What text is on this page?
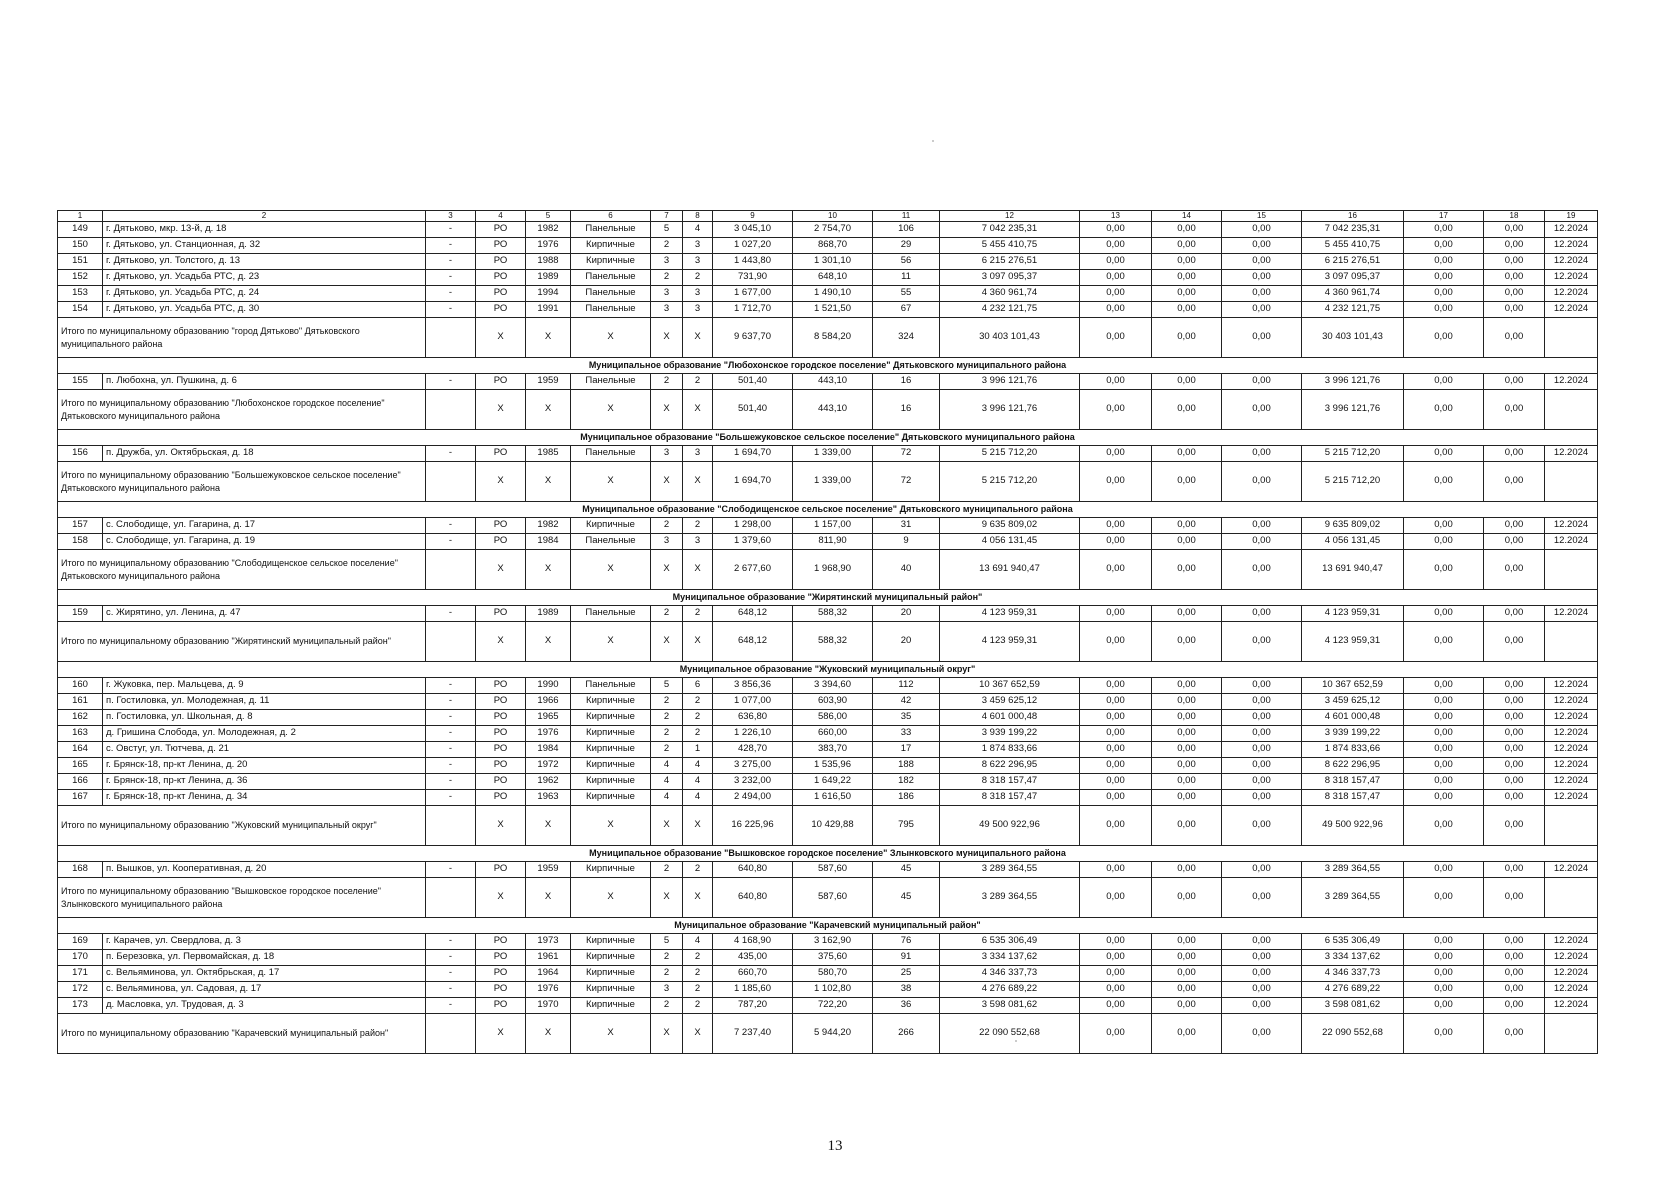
1	2	3	4	5	6	7	8	9	10	11	12	13	14	15	16	17	18	19
149	г. Дятьково, мкр. 13-й, д. 18	-	РО	1982	Панельные	5	4	3 045,10	2 754,70	106	7 042 235,31	0,00	0,00	0,00	7 042 235,31	0,00	0,00	12.2024
150	г. Дятьково, ул. Станционная, д. 32	-	РО	1976	Кирпичные	2	3	1 027,20	868,70	29	5 455 410,75	0,00	0,00	0,00	5 455 410,75	0,00	0,00	12.2024
151	г. Дятьково, ул. Толстого, д. 13	-	РО	1988	Кирпичные	3	3	1 443,80	1 301,10	56	6 215 276,51	0,00	0,00	0,00	6 215 276,51	0,00	0,00	12.2024
152	г. Дятьково, ул. Усадьба РТС, д. 23	-	РО	1989	Панельные	2	2	731,90	648,10	11	3 097 095,37	0,00	0,00	0,00	3 097 095,37	0,00	0,00	12.2024
153	г. Дятьково, ул. Усадьба РТС, д. 24	-	РО	1994	Панельные	3	3	1 677,00	1 490,10	55	4 360 961,74	0,00	0,00	0,00	4 360 961,74	0,00	0,00	12.2024
154	г. Дятьково, ул. Усадьба РТС, д. 30	-	РО	1991	Панельные	3	3	1 712,70	1 521,50	67	4 232 121,75	0,00	0,00	0,00	4 232 121,75	0,00	0,00	12.2024
Итого по муниципальному образованию "город Дятьково" Дятьковского муниципального района			X	X	X	X	X	9 637,70	8 584,20	324	30 403 101,43	0,00	0,00	0,00	30 403 101,43	0,00	0,00	
Муниципальное образование "Любохонское городское поселение" Дятьковского муниципального района																		
155	п. Любохна, ул. Пушкина, д. 6	-	РО	1959	Панельные	2	2	501,40	443,10	16	3 996 121,76	0,00	0,00	0,00	3 996 121,76	0,00	0,00	12.2024
Итого по муниципальному образованию "Любохонское городское поселение" Дятьковского муниципального района			X	X	X	X	X	501,40	443,10	16	3 996 121,76	0,00	0,00	0,00	3 996 121,76	0,00	0,00	
Муниципальное образование "Большежуковское сельское поселение" Дятьковского муниципального района																		
156	п. Дружба, ул. Октябрьская, д. 18	-	РО	1985	Панельные	3	3	1 694,70	1 339,00	72	5 215 712,20	0,00	0,00	0,00	5 215 712,20	0,00	0,00	12.2024
Итого по муниципальному образованию "Большежуковское сельское поселение" Дятьковского муниципального района			X	X	X	X	X	1 694,70	1 339,00	72	5 215 712,20	0,00	0,00	0,00	5 215 712,20	0,00	0,00	
Муниципальное образование "Слободищенское сельское поселение" Дятьковского муниципального района																		
157	с. Слободище, ул. Гагарина, д. 17	-	РО	1982	Кирпичные	2	2	1 298,00	1 157,00	31	9 635 809,02	0,00	0,00	0,00	9 635 809,02	0,00	0,00	12.2024
158	с. Слободище, ул. Гагарина, д. 19	-	РО	1984	Панельные	3	3	1 379,60	811,90	9	4 056 131,45	0,00	0,00	0,00	4 056 131,45	0,00	0,00	12.2024
Итого по муниципальному образованию "Слободищенское сельское поселение" Дятьковского муниципального района			X	X	X	X	X	2 677,60	1 968,90	40	13 691 940,47	0,00	0,00	0,00	13 691 940,47	0,00	0,00	
Муниципальное образование "Жирятинский муниципальный район"																		
159	с. Жирятино, ул. Ленина, д. 47	-	РО	1989	Панельные	2	2	648,12	588,32	20	4 123 959,31	0,00	0,00	0,00	4 123 959,31	0,00	0,00	12.2024
Итого по муниципальному образованию "Жирятинский муниципальный район"			X	X	X	X	X	648,12	588,32	20	4 123 959,31	0,00	0,00	0,00	4 123 959,31	0,00	0,00	
Муниципальное образование "Жуковский муниципальный округ"																		
160	г. Жуковка, пер. Мальцева, д. 9	-	РО	1990	Панельные	5	6	3 856,36	3 394,60	112	10 367 652,59	0,00	0,00	0,00	10 367 652,59	0,00	0,00	12.2024
161	п. Гостиловка, ул. Молодежная, д. 11	-	РО	1966	Кирпичные	2	2	1 077,00	603,90	42	3 459 625,12	0,00	0,00	0,00	3 459 625,12	0,00	0,00	12.2024
162	п. Гостиловка, ул. Школьная, д. 8	-	РО	1965	Кирпичные	2	2	636,80	586,00	35	4 601 000,48	0,00	0,00	0,00	4 601 000,48	0,00	0,00	12.2024
163	д. Гришина Слобода, ул. Молодежная, д. 2	-	РО	1976	Кирпичные	2	2	1 226,10	660,00	33	3 939 199,22	0,00	0,00	0,00	3 939 199,22	0,00	0,00	12.2024
164	с. Овстуг, ул. Тютчева, д. 21	-	РО	1984	Кирпичные	2	1	428,70	383,70	17	1 874 833,66	0,00	0,00	0,00	1 874 833,66	0,00	0,00	12.2024
165	г. Брянск-18, пр-кт Ленина, д. 20	-	РО	1972	Кирпичные	4	4	3 275,00	1 535,96	188	8 622 296,95	0,00	0,00	0,00	8 622 296,95	0,00	0,00	12.2024
166	г. Брянск-18, пр-кт Ленина, д. 36	-	РО	1962	Кирпичные	4	4	3 232,00	1 649,22	182	8 318 157,47	0,00	0,00	0,00	8 318 157,47	0,00	0,00	12.2024
167	г. Брянск-18, пр-кт Ленина, д. 34	-	РО	1963	Кирпичные	4	4	2 494,00	1 616,50	186	8 318 157,47	0,00	0,00	0,00	8 318 157,47	0,00	0,00	12.2024
Итого по муниципальному образованию "Жуковский муниципальный округ"			X	X	X	X	X	16 225,96	10 429,88	795	49 500 922,96	0,00	0,00	0,00	49 500 922,96	0,00	0,00	
Муниципальное образование "Вышковское городское поселение" Злынковского муниципального района																		
168	п. Вышков, ул. Кооперативная, д. 20	-	РО	1959	Кирпичные	2	2	640,80	587,60	45	3 289 364,55	0,00	0,00	0,00	3 289 364,55	0,00	0,00	12.2024
Итого по муниципальному образованию "Вышковское городское поселение" Злынковского муниципального района			X	X	X	X	X	640,80	587,60	45	3 289 364,55	0,00	0,00	0,00	3 289 364,55	0,00	0,00	
Муниципальное образование "Карачевский муниципальный район"																		
169	г. Карачев, ул. Свердлова, д. 3	-	РО	1973	Кирпичные	5	4	4 168,90	3 162,90	76	6 535 306,49	0,00	0,00	0,00	6 535 306,49	0,00	0,00	12.2024
170	п. Березовка, ул. Первомайская, д. 18	-	РО	1961	Кирпичные	2	2	435,00	375,60	91	3 334 137,62	0,00	0,00	0,00	3 334 137,62	0,00	0,00	12.2024
171	с. Вельяминова, ул. Октябрьская, д. 17	-	РО	1964	Кирпичные	2	2	660,70	580,70	25	4 346 337,73	0,00	0,00	0,00	4 346 337,73	0,00	0,00	12.2024
172	с. Вельяминова, ул. Садовая, д. 17	-	РО	1976	Кирпичные	3	2	1 185,60	1 102,80	38	4 276 689,22	0,00	0,00	0,00	4 276 689,22	0,00	0,00	12.2024
173	д. Масловка, ул. Трудовая, д. 3	-	РО	1970	Кирпичные	2	2	787,20	722,20	36	3 598 081,62	0,00	0,00	0,00	3 598 081,62	0,00	0,00	12.2024
Итого по муниципальному образованию "Карачевский муниципальный район"			X	X	X	X	X	7 237,40	5 944,20	266	22 090 552,68	0,00	0,00	0,00	22 090 552,68	0,00	0,00	
13
